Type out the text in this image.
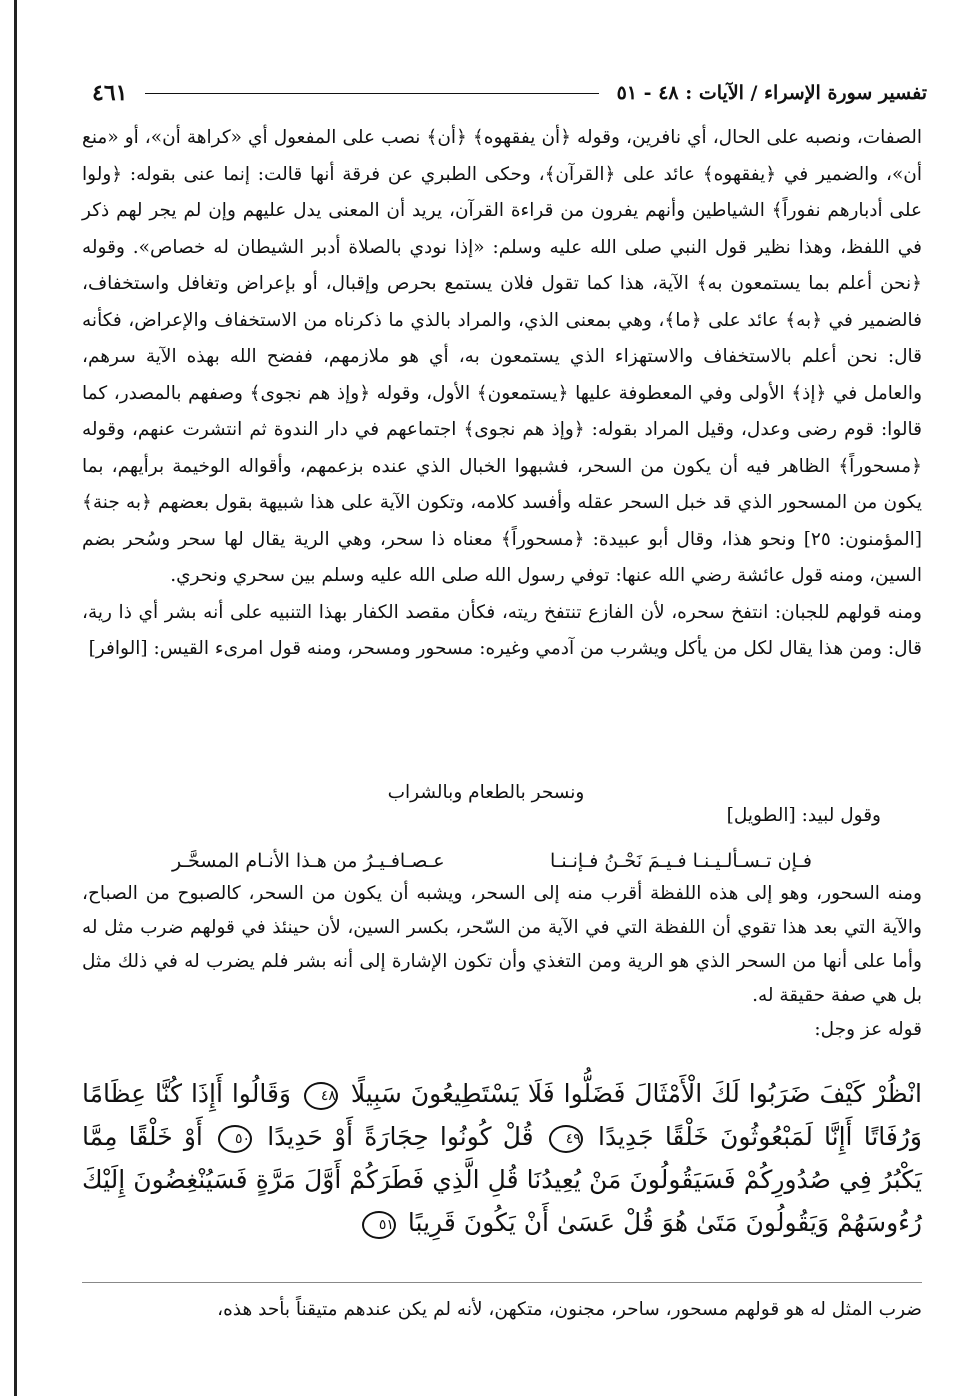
تفسير سورة الإسراء / الآيات : ٤٨ - ٥١
٤٦١

الصفات، ونصبه على الحال، أي نافرين، وقوله ﴿أن يفقهوه﴾ ﴿أن﴾ نصب على المفعول أي «كراهة أن»، أو «منع أن»، والضمير في ﴿يفقهوه﴾ عائد على ﴿القرآن﴾، وحكى الطبري عن فرقة أنها قالت: إنما عنى بقوله: ﴿ولوا على أدبارهم نفوراً﴾ الشياطين وأنهم يفرون من قراءة القرآن، يريد أن المعنى يدل عليهم وإن لم يجر لهم ذكر في اللفظ، وهذا نظير قول النبي صلى الله عليه وسلم: «إذا نودي بالصلاة أدبر الشيطان له خصاص». وقوله ﴿نحن أعلم بما يستمعون به﴾ الآية، هذا كما تقول فلان يستمع بحرص وإقبال، أو بإعراض وتغافل واستخفاف، فالضمير في ﴿به﴾ عائد على ﴿ما﴾، وهي بمعنى الذي، والمراد بالذي ما ذكرناه من الاستخفاف والإعراض، فكأنه قال: نحن أعلم بالاستخفاف والاستهزاء الذي يستمعون به، أي هو ملازمهم، ففضح الله بهذه الآية سرهم، والعامل في ﴿إذ﴾ الأولى وفي المعطوفة عليها ﴿يستمعون﴾ الأول، وقوله ﴿وإذ هم نجوى﴾ وصفهم بالمصدر، كما قالوا: قوم رضى وعدل، وقيل المراد بقوله: ﴿وإذ هم نجوى﴾ اجتماعهم في دار الندوة ثم انتشرت عنهم، وقوله ﴿مسحوراً﴾ الظاهر فيه أن يكون من السحر، فشبهوا الخبال الذي عنده بزعمهم، وأقواله الوخيمة برأيهم، بما يكون من المسحور الذي قد خبل السحر عقله وأفسد كلامه، وتكون الآية على هذا شبيهة بقول بعضهم ﴿به جنة﴾ [المؤمنون: ٢٥] ونحو هذا، وقال أبو عبيدة: ﴿مسحوراً﴾ معناه ذا سحر، وهي الرية يقال لها سحر وسُحر بضم السين، ومنه قول عائشة رضي الله عنها: توفي رسول الله صلى الله عليه وسلم بين سحري ونحري.

ومنه قولهم للجبان: انتفخ سحره، لأن الفازع تنتفخ ريته، فكأن مقصد الكفار بهذا التنبيه على أنه بشر أي ذا رية، قال: ومن هذا يقال لكل من يأكل ويشرب من آدمي وغيره: مسحور ومسحر، ومنه قول امرىء القيس: [الوافر]

ونسحر بالطعام وبالشراب
وقول لبيد: [الطويل]
فـإن تـسـألـيـنـا فـيـمَ نَحْـنُ فـإنـنـا
عـصـافـيـرُ من هـذا الأنـام المسحَّـر

ومنه السحور، وهو إلى هذه اللفظة أقرب منه إلى السحر، ويشبه أن يكون من السحر، كالصبوح من الصباح، والآية التي بعد هذا تقوي أن اللفظة التي في الآية من السّحر، بكسر السين، لأن حينئذ في قولهم ضرب مثل له وأما على أنها من السحر الذي هو الرية ومن التغذي وأن تكون الإشارة إلى أنه بشر فلم يضرب له في ذلك مثل بل هي صفة حقيقة له.

قوله عز وجل:

انْظُرْ كَيْفَ ضَرَبُوا لَكَ الْأَمْثَالَ فَضَلُّوا فَلَا يَسْتَطِيعُونَ سَبِيلًا ٤٨ وَقَالُوا أَإِذَا كُنَّا عِظَامًا وَرُفَاتًا أَإِنَّا لَمَبْعُوثُونَ خَلْقًا جَدِيدًا ٤٩ قُلْ كُونُوا حِجَارَةً أَوْ حَدِيدًا ٥٠ أَوْ خَلْقًا مِمَّا يَكْبُرُ فِي صُدُورِكُمْ فَسَيَقُولُونَ مَنْ يُعِيدُنَا قُلِ الَّذِي فَطَرَكُمْ أَوَّلَ مَرَّةٍ فَسَيُنْغِضُونَ إِلَيْكَ رُءُوسَهُمْ وَيَقُولُونَ مَتَىٰ هُوَ قُلْ عَسَىٰ أَنْ يَكُونَ قَرِيبًا ٥١

ضرب المثل له هو قولهم مسحور، ساحر، مجنون، متكهن، لأنه لم يكن عندهم متيقناً بأحد هذه،
